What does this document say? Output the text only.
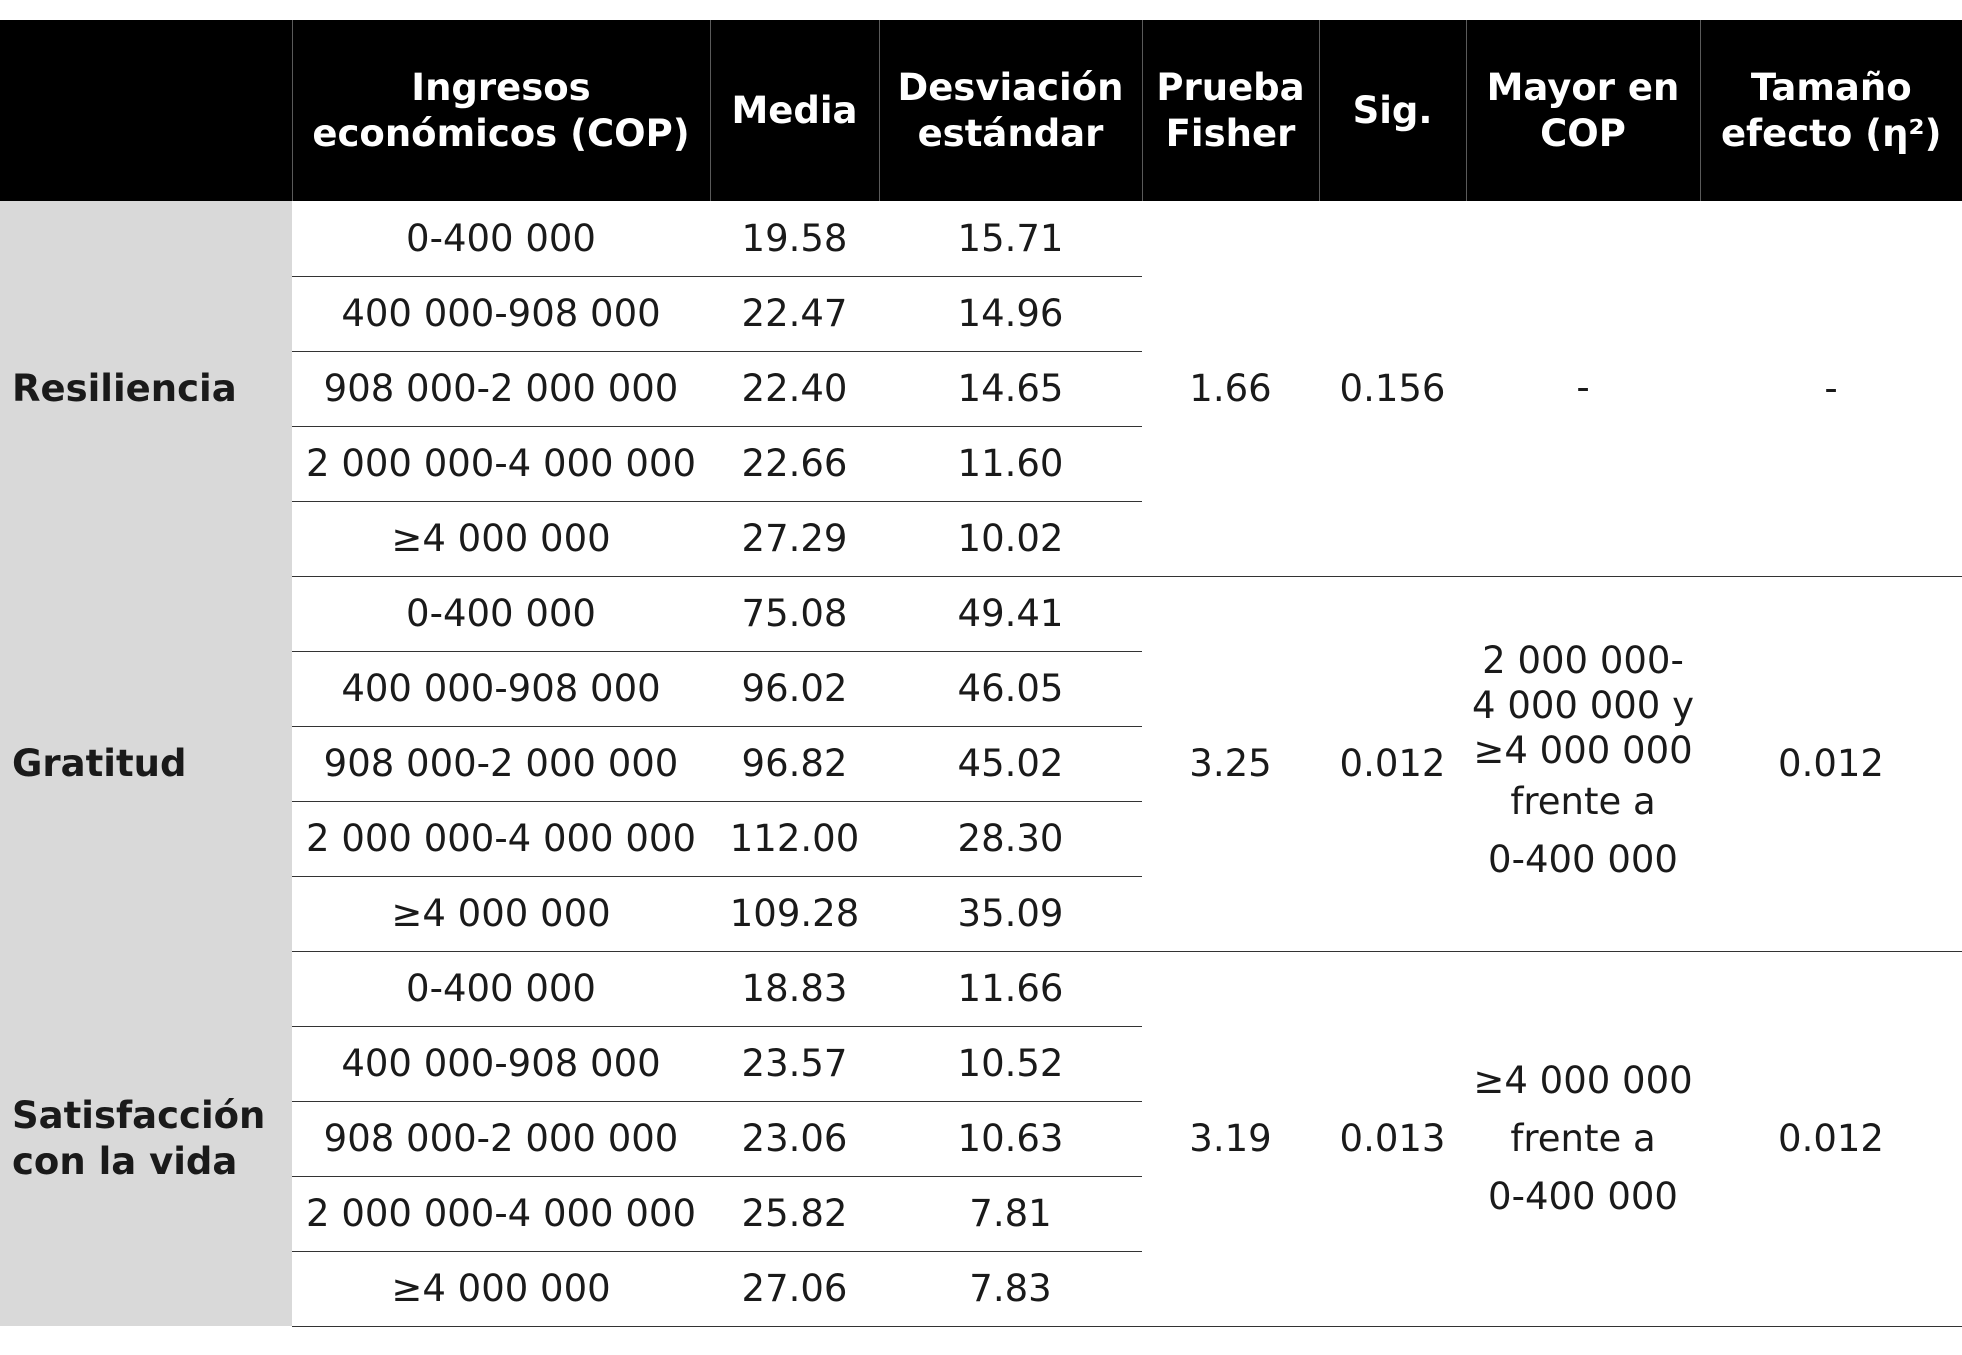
	Ingresos económicos (COP)	Media	Desviación estándar	Prueba Fisher	Sig.	Mayor en COP	Tamaño efecto (η²)
Resiliencia	0-400 000	19.58	15.71	1.66	0.156	-	-
	400 000-908 000	22.47	14.96				
	908 000-2 000 000	22.40	14.65				
	2 000 000-4 000 000	22.66	11.60				
	≥4 000 000	27.29	10.02				
Gratitud	0-400 000	75.08	49.41	3.25	0.012	2 000 000-
4 000 000 y
≥4 000 000
frente a
0-400 000	0.012
	400 000-908 000	96.02	46.05				
	908 000-2 000 000	96.82	45.02				
	2 000 000-4 000 000	112.00	28.30				
	≥4 000 000	109.28	35.09				
Satisfacción con la vida	0-400 000	18.83	11.66	3.19	0.013	≥4 000 000
frente a
0-400 000	0.012
	400 000-908 000	23.57	10.52				
	908 000-2 000 000	23.06	10.63				
	2 000 000-4 000 000	25.82	7.81				
	≥4 000 000	27.06	7.83				
